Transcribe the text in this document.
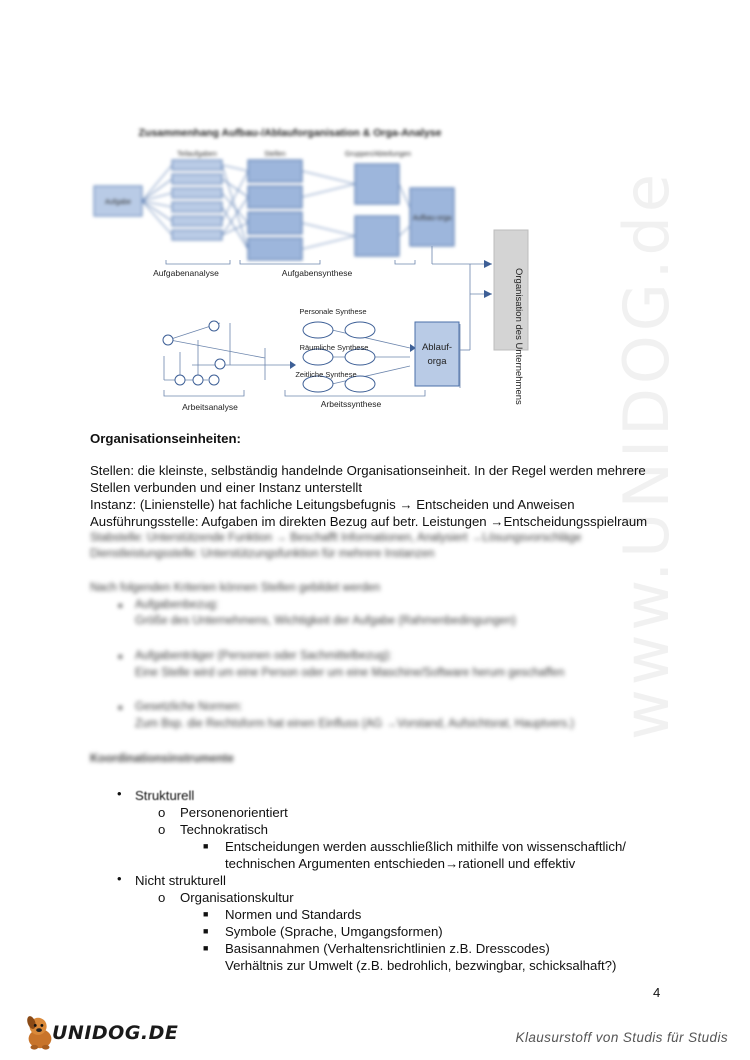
www.UNIDOG.de
Zusammenhang Aufbau-/Ablauforganisation & Orga-Analyse
Teilaufgaben	Stellen	Gruppen/Abteilungen
Aufgabe
Aufbau-orga
Aufgabenanalyse	Aufgabensynthese
Personale Synthese
Räumliche Synthese
Zeitliche Synthese
Ablauf-
orga
Arbeitsanalyse	Arbeitssynthese	Organisation des Unternehmens
Organisationseinheiten:
Stellen: die kleinste, selbständig handelnde Organisationseinheit. In der Regel werden mehrere
Stellen verbunden und einer Instanz unterstellt
Instanz: (Linienstelle) hat fachliche Leitungsbefugnis → Entscheiden und Anweisen
Ausführungsstelle: Aufgaben im direkten Bezug auf betr. Leistungen →Entscheidungsspielraum
Stabstelle: Unterstützende Funktion → Beschafft Informationen, Analysiert →Lösungsvorschläge
Dienstleistungsstelle: Unterstützungsfunktion für mehrere Instanzen
Nach folgenden Kriterien können Stellen gebildet werden
• Aufgabenbezug:
Größe des Unternehmens, Wichtigkeit der Aufgabe (Rahmenbedingungen)
• Aufgabenträger (Personen oder Sachmittelbezug):
Eine Stelle wird um eine Person oder um eine Maschine/Software herum geschaffen
• Gesetzliche Normen:
Zum Bsp. die Rechtsform hat einen Einfluss (AG →Vorstand, Aufsichtsrat, Hauptvers.)
Koordinationsinstrumente
• Strukturell
o Personenorientiert
o Technokratisch
■ Entscheidungen werden ausschließlich mithilfe von wissenschaftlich/
technischen Argumenten entschieden→rationell und effektiv
• Nicht strukturell
o Organisationskultur
■ Normen und Standards
■ Symbole (Sprache, Umgangsformen)
■ Basisannahmen (Verhaltensrichtlinien z.B. Dresscodes)
Verhältnis zur Umwelt (z.B. bedrohlich, bezwingbar, schicksalhaft?)
4
UNIDOG.DE	Klausurstoff von Studis für Studis
